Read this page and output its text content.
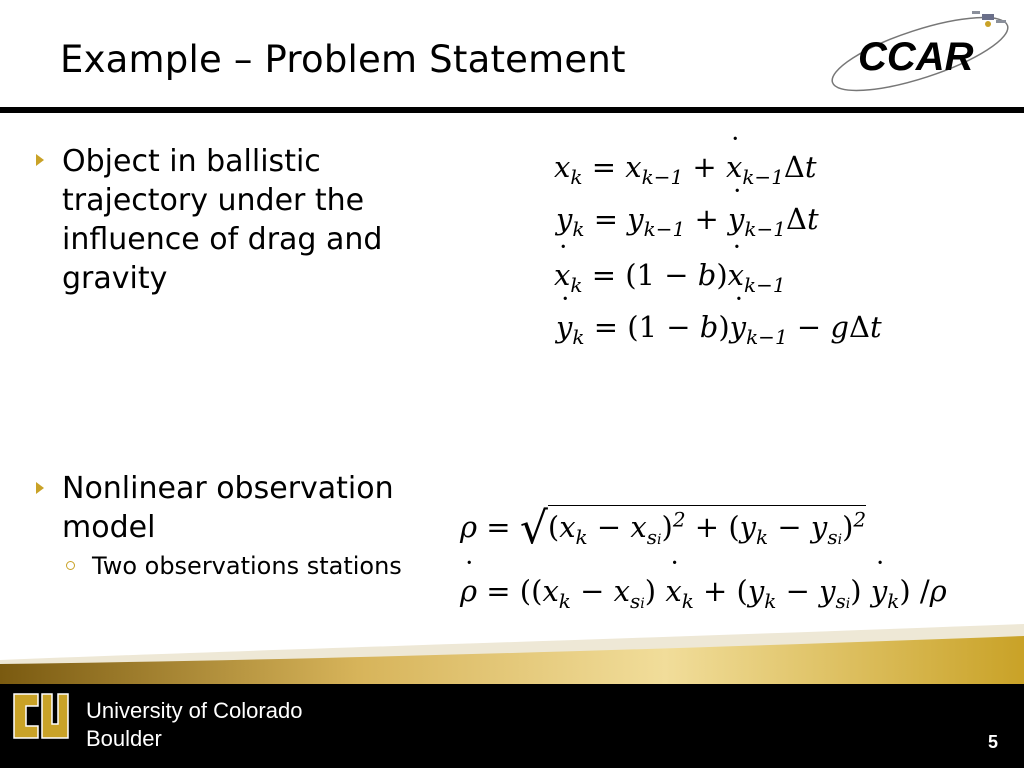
Example – Problem Statement	CCAR
Object in ballistic trajectory under the influence of drag and gravity
Nonlinear observation model
Two observations stations
$x_k = x_{k-1} + x$ $˙_{k-1}\Delta t$
$y_k = y_{k-1} + y$ $˙_{k-1}\Delta t$
x $˙_k = (1 - b)x$ $˙_{k-1}$
y $˙_k = (1 - b)y$ $˙_{k-1} - g\Delta t$
$\rho = √(x_k - x_{si})^2 + (y_k - y_{si})^2$
ρ ˙ = ($(x_k - x_{si})$ x $˙_k + (y_k - y_{si})$ y $˙_k$) /ρ
University of Colorado
Boulder	5
